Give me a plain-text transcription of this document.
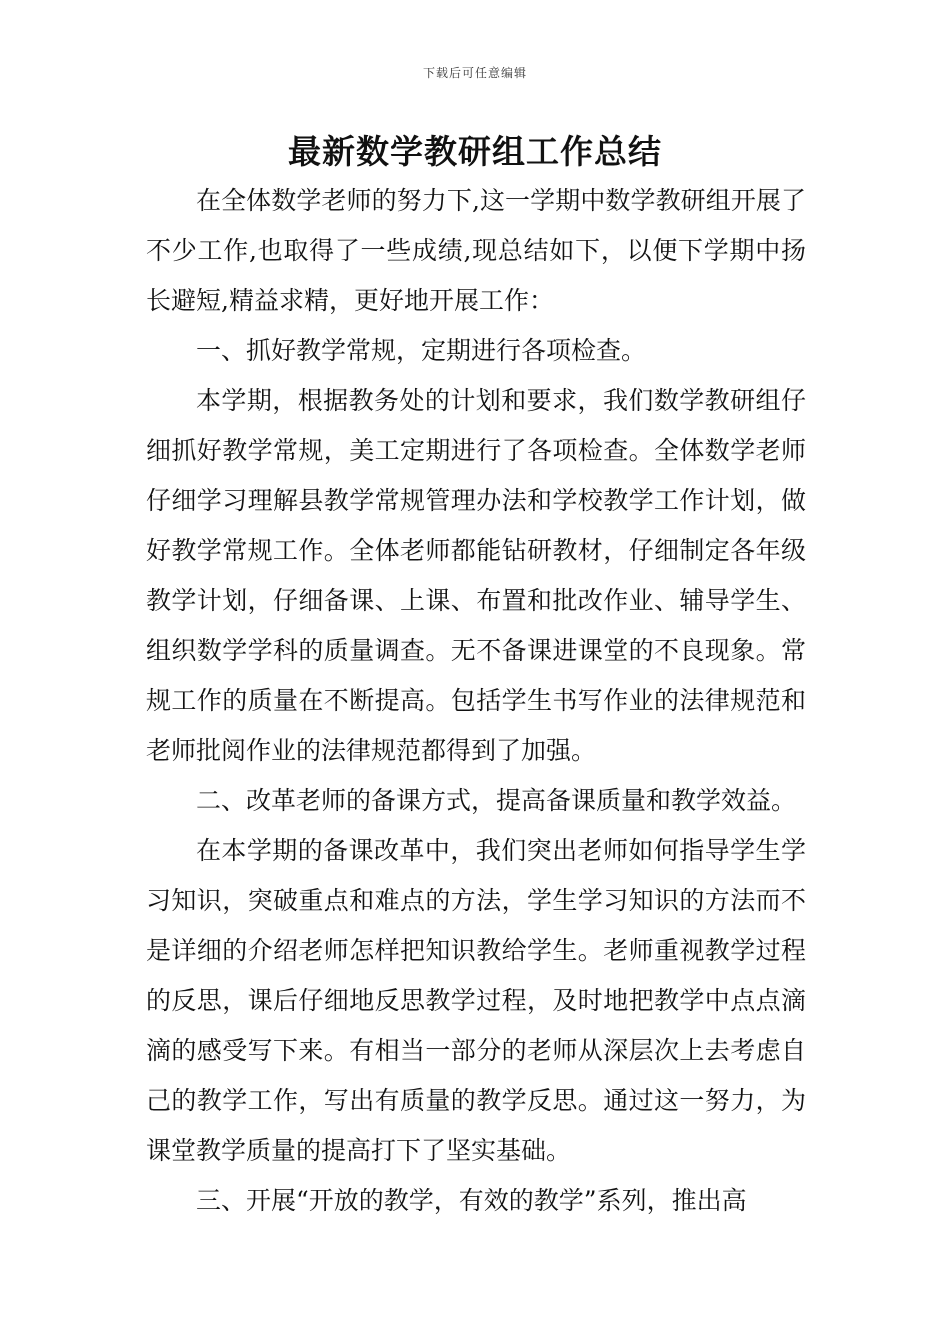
下载后可任意编辑
最新数学教研组工作总结

在全体数学老师的努力下,这一学期中数学教研组开展了不少工作,也取得了一些成绩,现总结如下，以便下学期中扬长避短,精益求精，更好地开展工作：

一、抓好教学常规，定期进行各项检查。

本学期，根据教务处的计划和要求，我们数学教研组仔细抓好教学常规，美工定期进行了各项检查。全体数学老师仔细学习理解县教学常规管理办法和学校教学工作计划，做好教学常规工作。全体老师都能钻研教材，仔细制定各年级教学计划，仔细备课、上课、布置和批改作业、辅导学生、组织数学学科的质量调查。无不备课进课堂的不良现象。常规工作的质量在不断提高。包括学生书写作业的法律规范和老师批阅作业的法律规范都得到了加强。

二、改革老师的备课方式，提高备课质量和教学效益。

在本学期的备课改革中，我们突出老师如何指导学生学习知识，突破重点和难点的方法，学生学习知识的方法而不是详细的介绍老师怎样把知识教给学生。老师重视教学过程的反思，课后仔细地反思教学过程，及时地把教学中点点滴滴的感受写下来。有相当一部分的老师从深层次上去考虑自己的教学工作，写出有质量的教学反思。通过这一努力，为课堂教学质量的提高打下了坚实基础。

三、开展“开放的教学，有效的教学”系列，推出高
